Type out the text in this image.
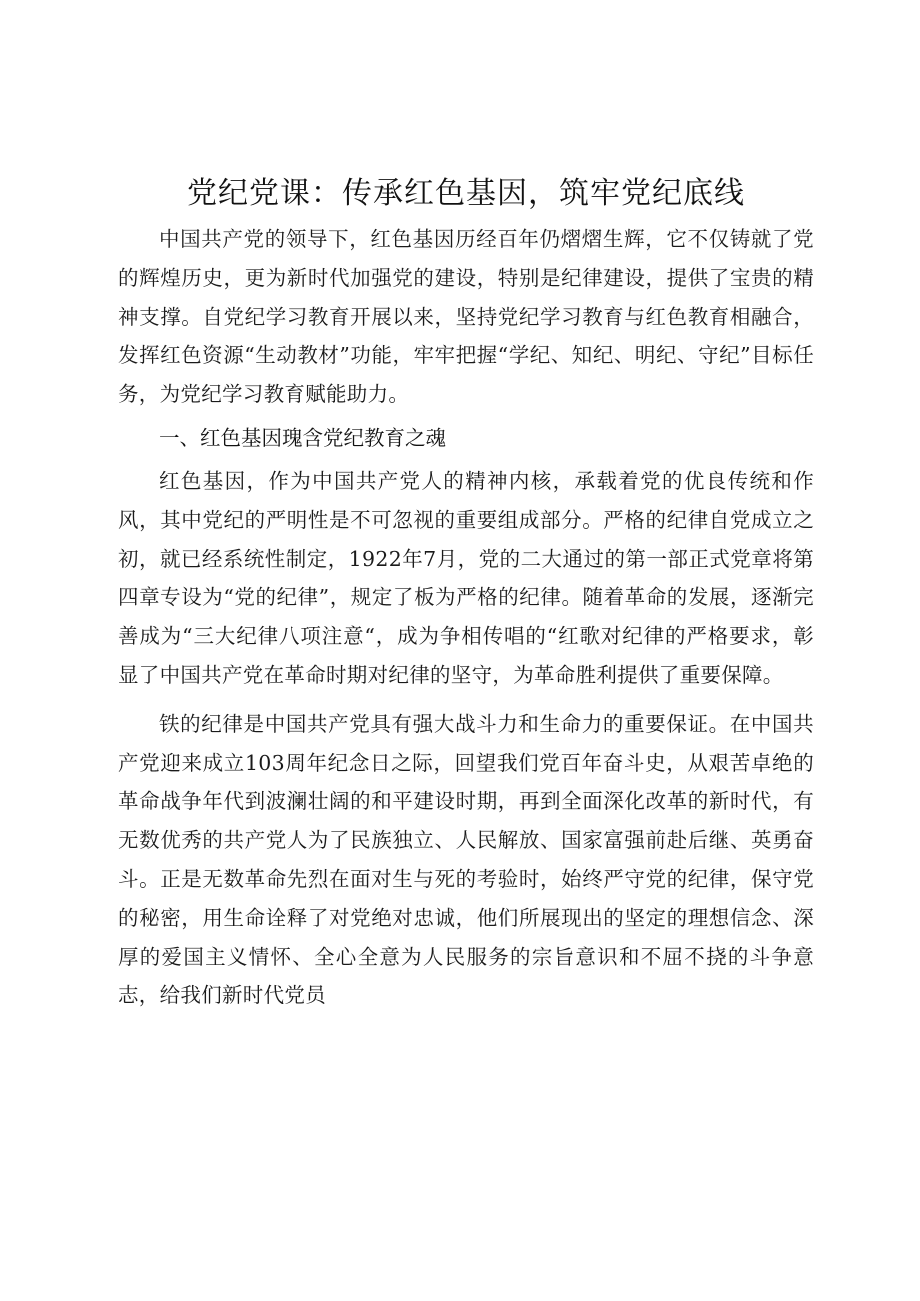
党纪党课：传承红色基因，筑牢党纪底线

中国共产党的领导下，红色基因历经百年仍熠熠生辉，它不仅铸就了党的辉煌历史，更为新时代加强党的建设，特别是纪律建设，提供了宝贵的精神支撑。自党纪学习教育开展以来，坚持党纪学习教育与红色教育相融合，发挥红色资源“生动教材”功能，牢牢把握“学纪、知纪、明纪、守纪”目标任务，为党纪学习教育赋能助力。

一、红色基因瑰含党纪教育之魂

红色基因，作为中国共产党人的精神内核，承载着党的优良传统和作风，其中党纪的严明性是不可忽视的重要组成部分。严格的纪律自党成立之初，就已经系统性制定，1922年7月，党的二大通过的第一部正式党章将第四章专设为“党的纪律”，规定了板为严格的纪律。随着革命的发展，逐渐完善成为“三大纪律八项注意“，成为争相传唱的“红歌对纪律的严格要求，彰显了中国共产党在革命时期对纪律的坚守，为革命胜利提供了重要保障。

铁的纪律是中国共产党具有强大战斗力和生命力的重要保证。在中国共产党迎来成立103周年纪念日之际，回望我们党百年奋斗史，从艰苦卓绝的革命战争年代到波澜壮阔的和平建设时期，再到全面深化改革的新时代，有无数优秀的共产党人为了民族独立、人民解放、国家富强前赴后继、英勇奋斗。正是无数革命先烈在面对生与死的考验时，始终严守党的纪律，保守党的秘密，用生命诠释了对党绝对忠诚，他们所展现出的坚定的理想信念、深厚的爱国主义情怀、全心全意为人民服务的宗旨意识和不屈不挠的斗争意志，给我们新时代党员
